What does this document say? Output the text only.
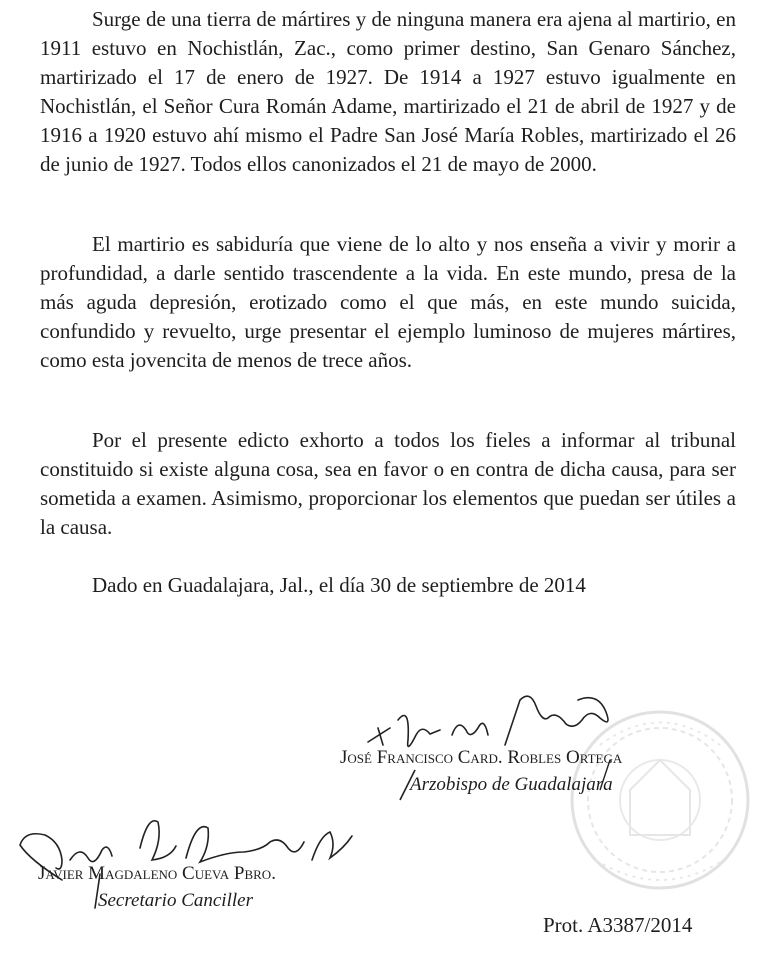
Surge de una tierra de mártires y de ninguna manera era ajena al martirio, en 1911 estuvo en Nochistlán, Zac., como primer destino, San Genaro Sánchez, martirizado el 17 de enero de 1927. De 1914 a 1927 estuvo igualmente en Nochistlán, el Señor Cura Román Adame, martirizado el 21 de abril de 1927 y de 1916 a 1920 estuvo ahí mismo el Padre San José María Robles, martirizado el 26 de junio de 1927. Todos ellos canonizados el 21 de mayo de 2000.

El martirio es sabiduría que viene de lo alto y nos enseña a vivir y morir a profundidad, a darle sentido trascendente a la vida. En este mundo, presa de la más aguda depresión, erotizado como el que más, en este mundo suicida, confundido y revuelto, urge presentar el ejemplo luminoso de mujeres mártires, como esta jovencita de menos de trece años.

Por el presente edicto exhorto a todos los fieles a informar al tribunal constituido si existe alguna cosa, sea en favor o en contra de dicha causa, para ser sometida a examen. Asimismo, proporcionar los elementos que puedan ser útiles a la causa.

Dado en Guadalajara, Jal., el día 30 de septiembre de 2014

José Francisco Card. Robles Ortega

Arzobispo de Guadalajara

Javier Magdaleno Cueva Pbro.

Secretario Canciller

Prot. A3387/2014
